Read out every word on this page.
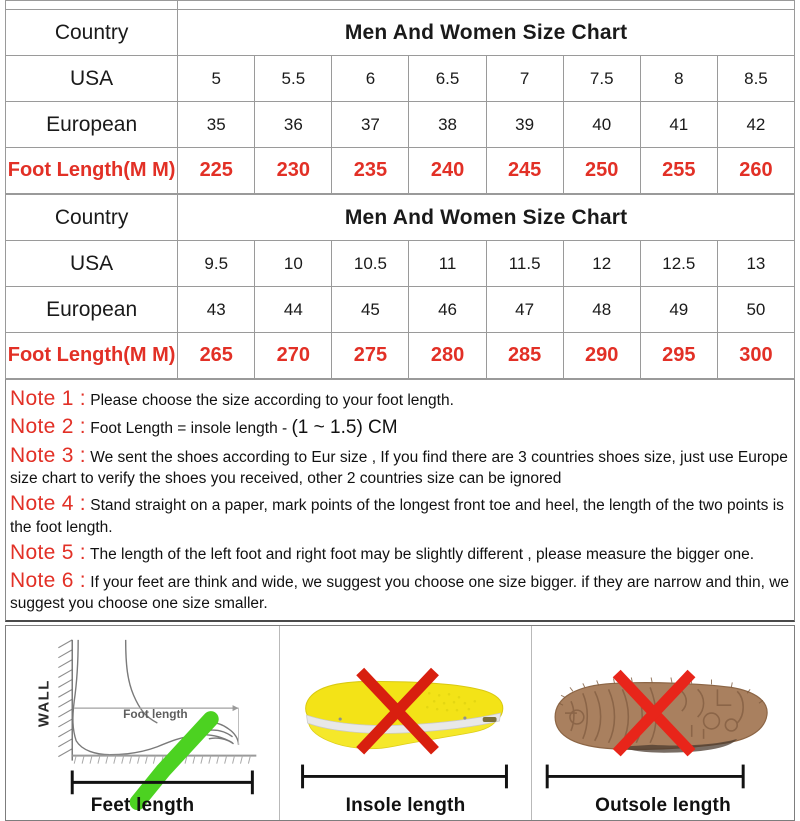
Country	Men And Women Size Chart							
USA	5	5.5	6	6.5	7	7.5	8	8.5
European	35	36	37	38	39	40	41	42
Foot Length(M M)	225	230	235	240	245	250	255	260
Country	Men And Women Size Chart							
USA	9.5	10	10.5	11	11.5	12	12.5	13
European	43	44	45	46	47	48	49	50
Foot Length(M M)	265	270	275	280	285	290	295	300
Note 1 : Please choose the size according to your foot length.
Note 2 : Foot Length = insole length - (1 ~ 1.5) CM
Note 3 : We sent the shoes according to Eur size , If you find there are 3 countries shoes size, just use Europe size chart to verify the shoes you received, other 2 countries size can be ignored
Note 4 : Stand straight on a paper, mark points of the longest front toe and heel, the length of the two points is the foot length.
Note 5 : The length of the left foot and right foot may be slightly different , please measure the bigger one.
Note 6 : If your feet are think and wide, we suggest you choose one size bigger. if they are narrow and thin, we suggest you choose one size smaller.
WALL	Foot length
Feet length	Insole length	Outsole length
